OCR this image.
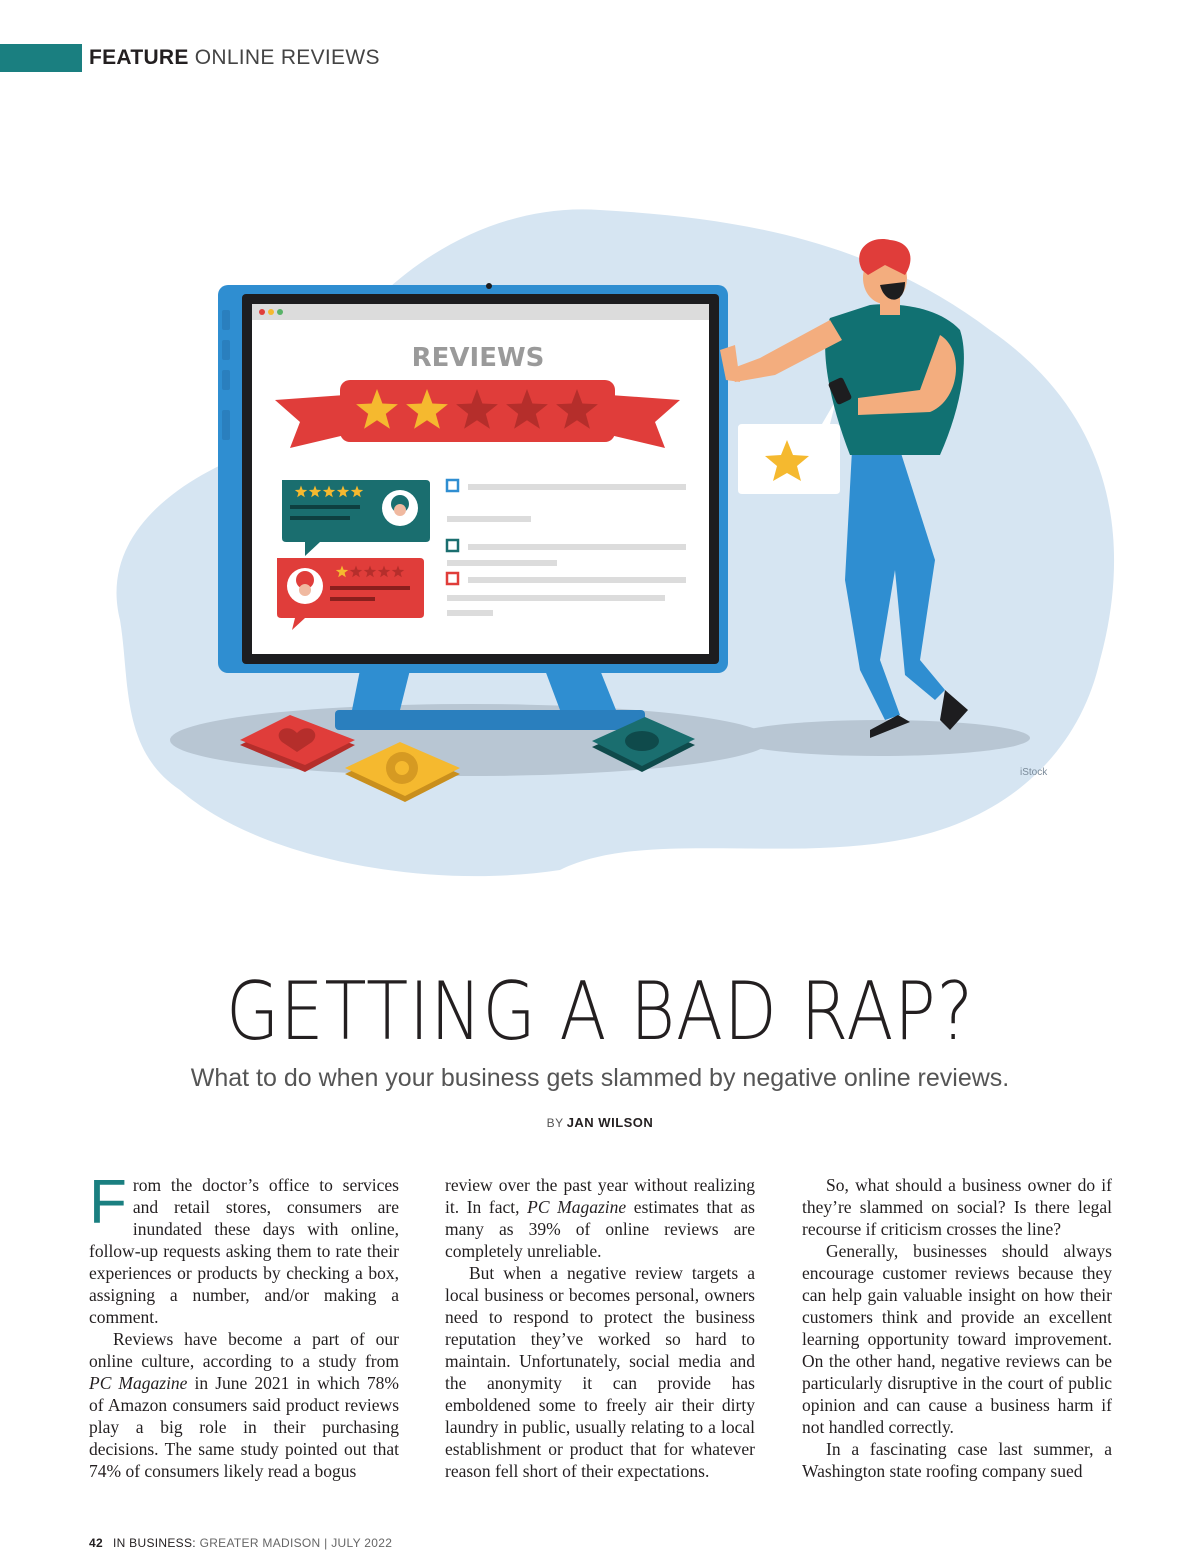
FEATURE ONLINE REVIEWS
REVIEWS
iStock
GETTING A BAD RAP?
What to do when your business gets slammed by negative online reviews.
BY JAN WILSON

From the doctor’s office to services and retail stores, consumers are inundated these days with online, follow-up requests asking them to rate their experiences or products by checking a box, assigning a number, and/or making a comment.

Reviews have become a part of our online culture, according to a study from PC Magazine in June 2021 in which 78% of Amazon consumers said product reviews play a big role in their purchasing decisions. The same study pointed out that 74% of consumers likely read a bogus

review over the past year without realizing it. In fact, PC Magazine estimates that as many as 39% of online reviews are completely unreliable.

But when a negative review targets a local business or becomes personal, owners need to respond to protect the business reputation they’ve worked so hard to maintain. Unfortunately, social media and the anonymity it can provide has emboldened some to freely air their dirty laundry in public, usually relating to a local establishment or product that for whatever reason fell short of their expectations.

So, what should a business owner do if they’re slammed on social? Is there legal recourse if criticism crosses the line?

Generally, businesses should always encourage customer reviews because they can help gain valuable insight on how their customers think and provide an excellent learning opportunity toward improvement. On the other hand, negative reviews can be particularly disruptive in the court of public opinion and can cause a business harm if not handled correctly.

In a fascinating case last summer, a Washington state roofing company sued

42 IN BUSINESS: GREATER MADISON | JULY 2022
